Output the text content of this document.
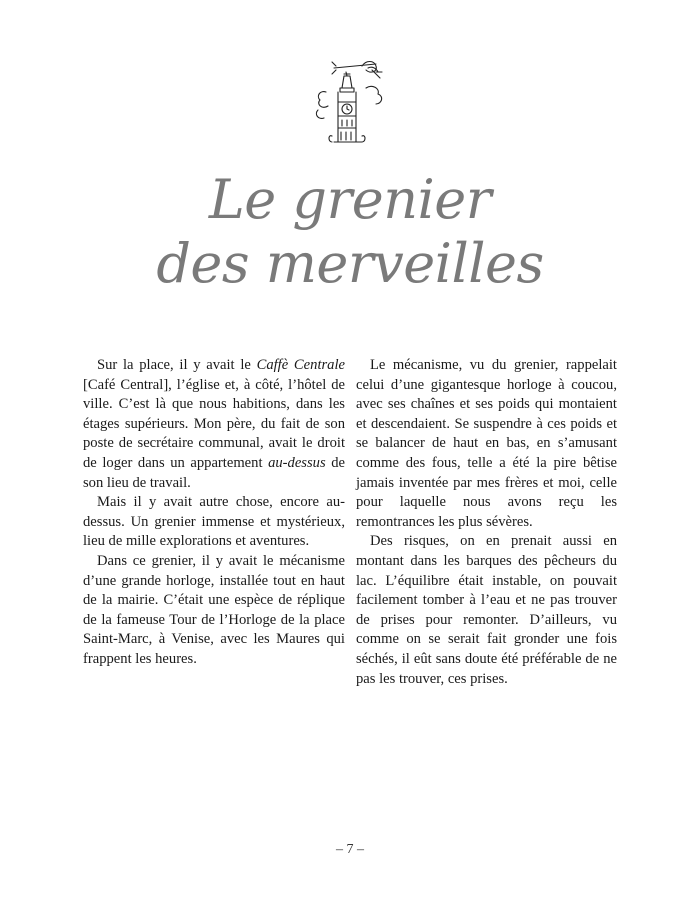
Le grenier
des merveilles

Sur la place, il y avait le Caffè Centrale [Café Central], l’église et, à côté, l’hôtel de ville. C’est là que nous habitions, dans les étages supérieurs. Mon père, du fait de son poste de secrétaire communal, avait le droit de loger dans un appartement au-dessus de son lieu de travail.

Mais il y avait autre chose, encore au-dessus. Un grenier immense et mystérieux, lieu de mille explorations et aventures.

Dans ce grenier, il y avait le mécanisme d’une grande horloge, installée tout en haut de la mairie. C’était une espèce de réplique de la fameuse Tour de l’Horloge de la place Saint-Marc, à Venise, avec les Maures qui frappent les heures.

Le mécanisme, vu du grenier, rappelait celui d’une gigantesque horloge à coucou, avec ses chaînes et ses poids qui montaient et descendaient. Se suspendre à ces poids et se balancer de haut en bas, en s’amusant comme des fous, telle a été la pire bêtise jamais inventée par mes frères et moi, celle pour laquelle nous avons reçu les remontrances les plus sévères.

Des risques, on en prenait aussi en montant dans les barques des pêcheurs du lac. L’équilibre était instable, on pouvait facilement tomber à l’eau et ne pas trouver de prises pour remonter. D’ailleurs, vu comme on se serait fait gronder une fois séchés, il eût sans doute été préférable de ne pas les trouver, ces prises.

– 7 –
